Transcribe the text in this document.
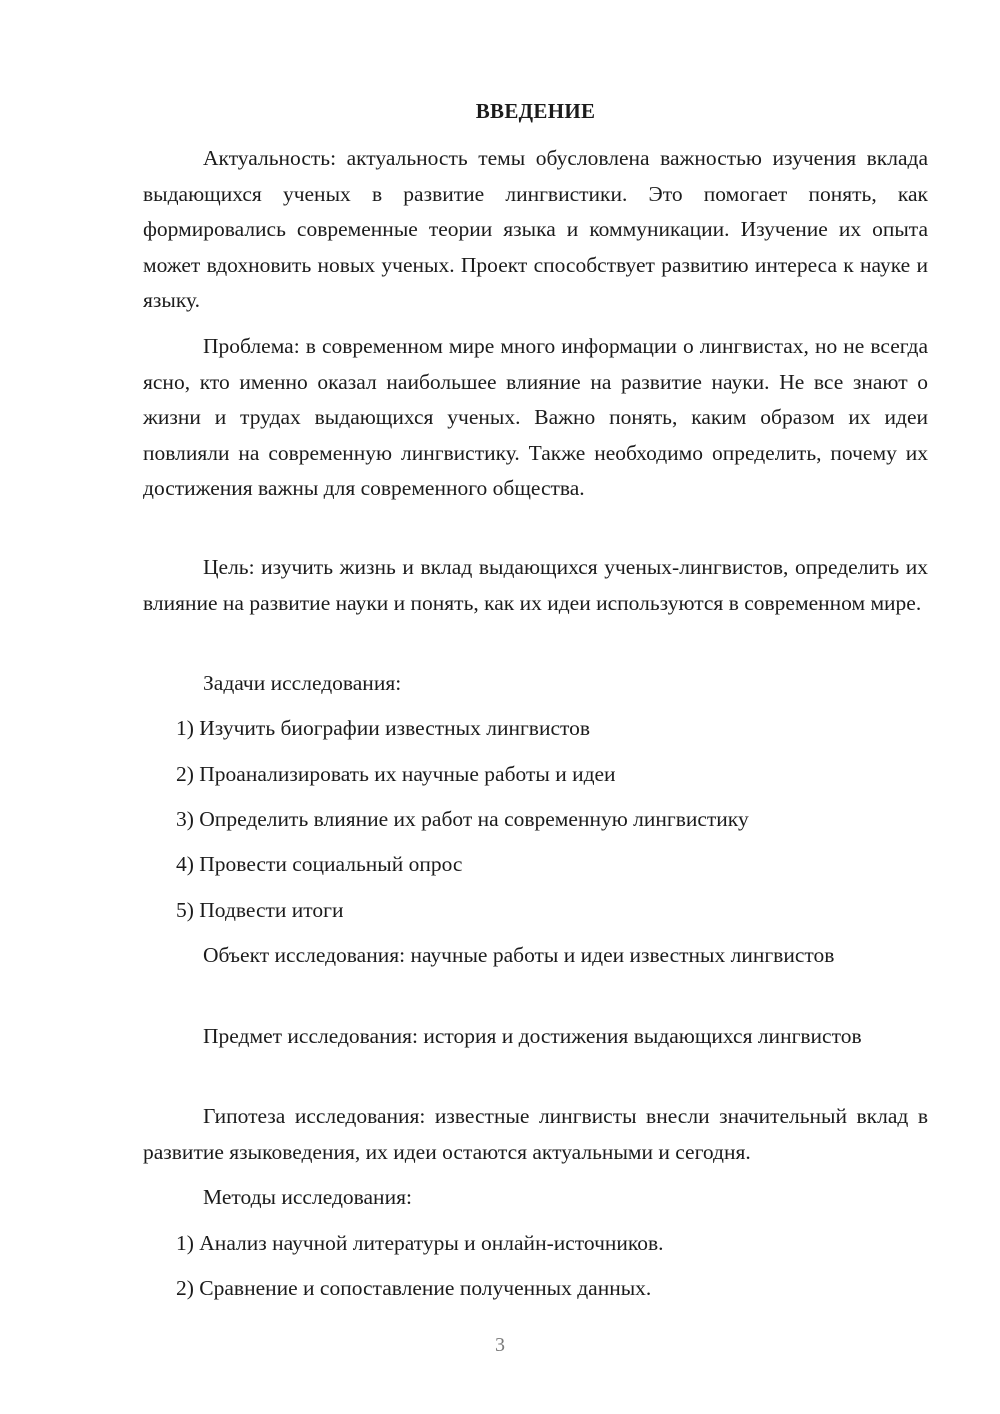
ВВЕДЕНИЕ

Актуальность: актуальность темы обусловлена важностью изучения вклада выдающихся ученых в развитие лингвистики. Это помогает понять, как формировались современные теории языка и коммуникации. Изучение их опыта может вдохновить новых ученых. Проект способствует развитию интереса к науке и языку.

Проблема: в современном мире много информации о лингвистах, но не всегда ясно, кто именно оказал наибольшее влияние на развитие науки. Не все знают о жизни и трудах выдающихся ученых. Важно понять, каким образом их идеи повлияли на современную лингвистику. Также необходимо определить, почему их достижения важны для современного общества.

Цель: изучить жизнь и вклад выдающихся ученых-лингвистов, определить их влияние на развитие науки и понять, как их идеи используются в современном мире.

Задачи исследования:

1) Изучить биографии известных лингвистов

2) Проанализировать их научные работы и идеи

3) Определить влияние их работ на современную лингвистику

4) Провести социальный опрос

5) Подвести итоги

Объект исследования: научные работы и идеи известных лингвистов

Предмет исследования: история и достижения выдающихся лингвистов

Гипотеза исследования: известные лингвисты внесли значительный вклад в развитие языковедения, их идеи остаются актуальными и сегодня.

Методы исследования:

1) Анализ научной литературы и онлайн-источников.

2) Сравнение и сопоставление полученных данных.

3
